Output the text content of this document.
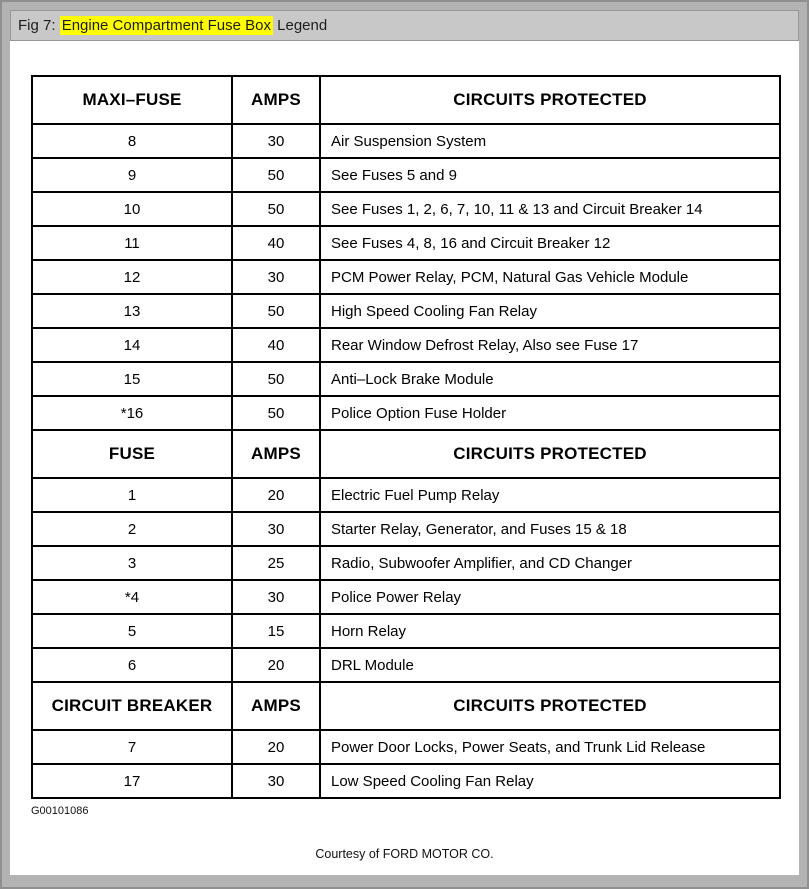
Fig 7: Engine Compartment Fuse Box Legend
MAXI–FUSE	AMPS	CIRCUITS PROTECTED
8	30	Air Suspension System
9	50	See Fuses 5 and 9
10	50	See Fuses 1, 2, 6, 7, 10, 11 & 13 and Circuit Breaker 14
11	40	See Fuses 4, 8, 16 and Circuit Breaker 12
12	30	PCM Power Relay, PCM, Natural Gas Vehicle Module
13	50	High Speed Cooling Fan Relay
14	40	Rear Window Defrost Relay, Also see Fuse 17
15	50	Anti–Lock Brake Module
*16	50	Police Option Fuse Holder
FUSE	AMPS	CIRCUITS PROTECTED
1	20	Electric Fuel Pump Relay
2	30	Starter Relay, Generator, and Fuses 15 & 18
3	25	Radio, Subwoofer Amplifier, and CD Changer
*4	30	Police Power Relay
5	15	Horn Relay
6	20	DRL Module
CIRCUIT BREAKER	AMPS	CIRCUITS PROTECTED
7	20	Power Door Locks, Power Seats, and Trunk Lid Release
17	30	Low Speed Cooling Fan Relay
G00101086
Courtesy of FORD MOTOR CO.
